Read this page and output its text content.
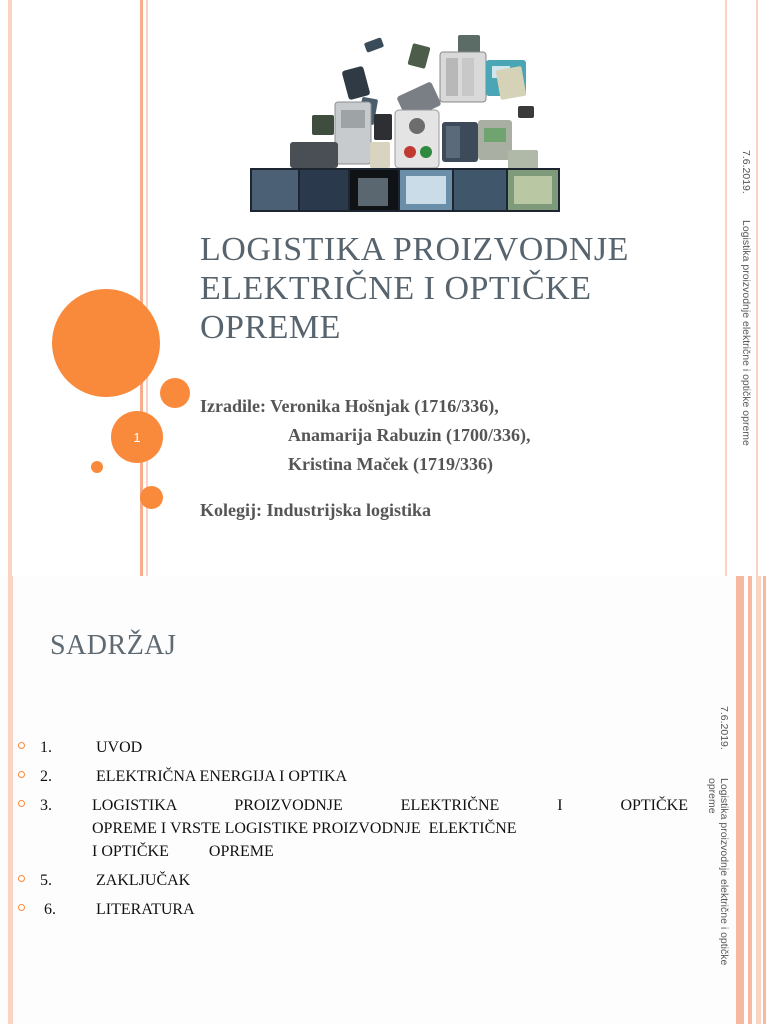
1
LOGISTIKA PROIZVODNJE
ELEKTRIČNE I OPTIČKE
OPREME
Izradile: Veronika Hošnjak (1716/336),
Anamarija Rabuzin (1700/336),
Kristina Maček (1719/336)
Kolegij: Industrijska logistika
7.6.2019.
Logistika proizvodnje električne i optičke opreme
SADRŽAJ
1.	UVOD
2.	ELEKTRIČNA ENERGIJA I OPTIKA
3.	LOGISTIKA PROIZVODNJE ELEKTRIČNE I OPTIČKE
OPREME I VRSTE LOGISTIKE PROIZVODNJE  ELEKTIČNE
I OPTIČKE          OPREME
5.	ZAKLJUČAK
6.	LITERATURA
7.6.2019.
Logistika proizvodnje električne i optičke
opreme
